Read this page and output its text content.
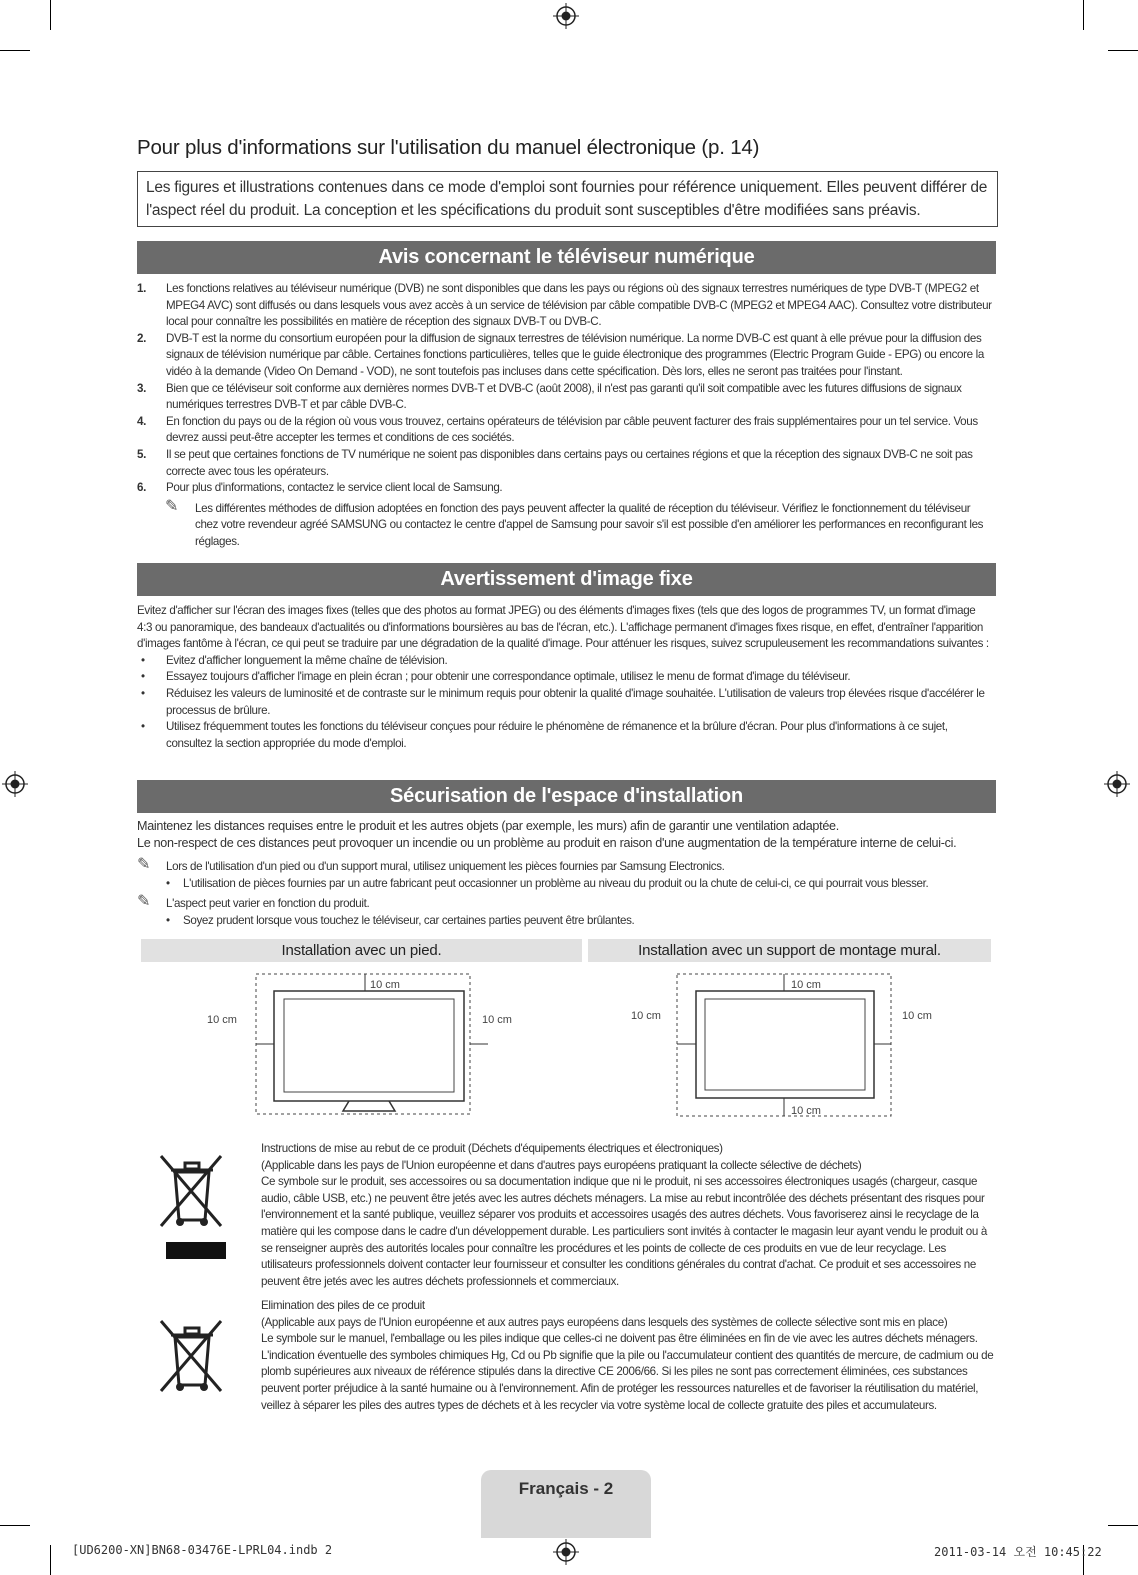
Pour plus d'informations sur l'utilisation du manuel électronique (p. 14)
Les figures et illustrations contenues dans ce mode d'emploi sont fournies pour référence uniquement. Elles peuvent différer de l'aspect réel du produit. La conception et les spécifications du produit sont susceptibles d'être modifiées sans préavis.
Avis concernant le téléviseur numérique
1. Les fonctions relatives au téléviseur numérique (DVB) ne sont disponibles que dans les pays ou régions où des signaux terrestres numériques de type DVB-T (MPEG2 et MPEG4 AVC) sont diffusés ou dans lesquels vous avez accès à un service de télévision par câble compatible DVB-C (MPEG2 et MPEG4 AAC). Consultez votre distributeur local pour connaître les possibilités en matière de réception des signaux DVB-T ou DVB-C.
2. DVB-T est la norme du consortium européen pour la diffusion de signaux terrestres de télévision numérique. La norme DVB-C est quant à elle prévue pour la diffusion des signaux de télévision numérique par câble. Certaines fonctions particulières, telles que le guide électronique des programmes (Electric Program Guide - EPG) ou encore la vidéo à la demande (Video On Demand - VOD), ne sont toutefois pas incluses dans cette spécification. Dès lors, elles ne seront pas traitées pour l'instant.
3. Bien que ce téléviseur soit conforme aux dernières normes DVB-T et DVB-C (août 2008), il n'est pas garanti qu'il soit compatible avec les futures diffusions de signaux numériques terrestres DVB-T et par câble DVB-C.
4. En fonction du pays ou de la région où vous vous trouvez, certains opérateurs de télévision par câble peuvent facturer des frais supplémentaires pour un tel service. Vous devrez aussi peut-être accepter les termes et conditions de ces sociétés.
5. Il se peut que certaines fonctions de TV numérique ne soient pas disponibles dans certains pays ou certaines régions et que la réception des signaux DVB-C ne soit pas correcte avec tous les opérateurs.
6. Pour plus d'informations, contactez le service client local de Samsung.
✎ Les différentes méthodes de diffusion adoptées en fonction des pays peuvent affecter la qualité de réception du téléviseur. Vérifiez le fonctionnement du téléviseur chez votre revendeur agréé SAMSUNG ou contactez le centre d'appel de Samsung pour savoir s'il est possible d'en améliorer les performances en reconfigurant les réglages.
Avertissement d'image fixe
Evitez d'afficher sur l'écran des images fixes (telles que des photos au format JPEG) ou des éléments d'images fixes (tels que des logos de programmes TV, un format d'image 4:3 ou panoramique, des bandeaux d'actualités ou d'informations boursières au bas de l'écran, etc.). L'affichage permanent d'images fixes risque, en effet, d'entraîner l'apparition d'images fantôme à l'écran, ce qui peut se traduire par une dégradation de la qualité d'image. Pour atténuer les risques, suivez scrupuleusement les recommandations suivantes :
• Evitez d'afficher longuement la même chaîne de télévision.
• Essayez toujours d'afficher l'image en plein écran ; pour obtenir une correspondance optimale, utilisez le menu de format d'image du téléviseur.
• Réduisez les valeurs de luminosité et de contraste sur le minimum requis pour obtenir la qualité d'image souhaitée. L'utilisation de valeurs trop élevées risque d'accélérer le processus de brûlure.
• Utilisez fréquemment toutes les fonctions du téléviseur conçues pour réduire le phénomène de rémanence et la brûlure d'écran. Pour plus d'informations à ce sujet, consultez la section appropriée du mode d'emploi.
Sécurisation de l'espace d'installation
Maintenez les distances requises entre le produit et les autres objets (par exemple, les murs) afin de garantir une ventilation adaptée.
Le non-respect de ces distances peut provoquer un incendie ou un problème au produit en raison d'une augmentation de la température interne de celui-ci.
✎ Lors de l'utilisation d'un pied ou d'un support mural, utilisez uniquement les pièces fournies par Samsung Electronics.
• L'utilisation de pièces fournies par un autre fabricant peut occasionner un problème au niveau du produit ou la chute de celui-ci, ce qui pourrait vous blesser.
✎ L'aspect peut varier en fonction du produit.
• Soyez prudent lorsque vous touchez le téléviseur, car certaines parties peuvent être brûlantes.
Installation avec un pied.	Installation avec un support de montage mural.
10 cm
10 cm	10 cm
10 cm
10 cm
10 cm	10 cm
Instructions de mise au rebut de ce produit (Déchets d'équipements électriques et électroniques)
(Applicable dans les pays de l'Union européenne et dans d'autres pays européens pratiquant la collecte sélective de déchets)
Ce symbole sur le produit, ses accessoires ou sa documentation indique que ni le produit, ni ses accessoires électroniques usagés (chargeur, casque audio, câble USB, etc.) ne peuvent être jetés avec les autres déchets ménagers. La mise au rebut incontrôlée des déchets présentant des risques pour l'environnement et la santé publique, veuillez séparer vos produits et accessoires usagés des autres déchets. Vous favoriserez ainsi le recyclage de la matière qui les compose dans le cadre d'un développement durable. Les particuliers sont invités à contacter le magasin leur ayant vendu le produit ou à se renseigner auprès des autorités locales pour connaître les procédures et les points de collecte de ces produits en vue de leur recyclage. Les utilisateurs professionnels doivent contacter leur fournisseur et consulter les conditions générales du contrat d'achat. Ce produit et ses accessoires ne peuvent être jetés avec les autres déchets professionnels et commerciaux.
Elimination des piles de ce produit
(Applicable aux pays de l'Union européenne et aux autres pays européens dans lesquels des systèmes de collecte sélective sont mis en place)
Le symbole sur le manuel, l'emballage ou les piles indique que celles-ci ne doivent pas être éliminées en fin de vie avec les autres déchets ménagers. L'indication éventuelle des symboles chimiques Hg, Cd ou Pb signifie que la pile ou l'accumulateur contient des quantités de mercure, de cadmium ou de plomb supérieures aux niveaux de référence stipulés dans la directive CE 2006/66. Si les piles ne sont pas correctement éliminées, ces substances peuvent porter préjudice à la santé humaine ou à l'environnement. Afin de protéger les ressources naturelles et de favoriser la réutilisation du matériel, veillez à séparer les piles des autres types de déchets et à les recycler via votre système local de collecte gratuite des piles et accumulateurs.
Français - 2
[UD6200-XN]BN68-03476E-LPRL04.indb 2	2011-03-14 오전 10:45:22
